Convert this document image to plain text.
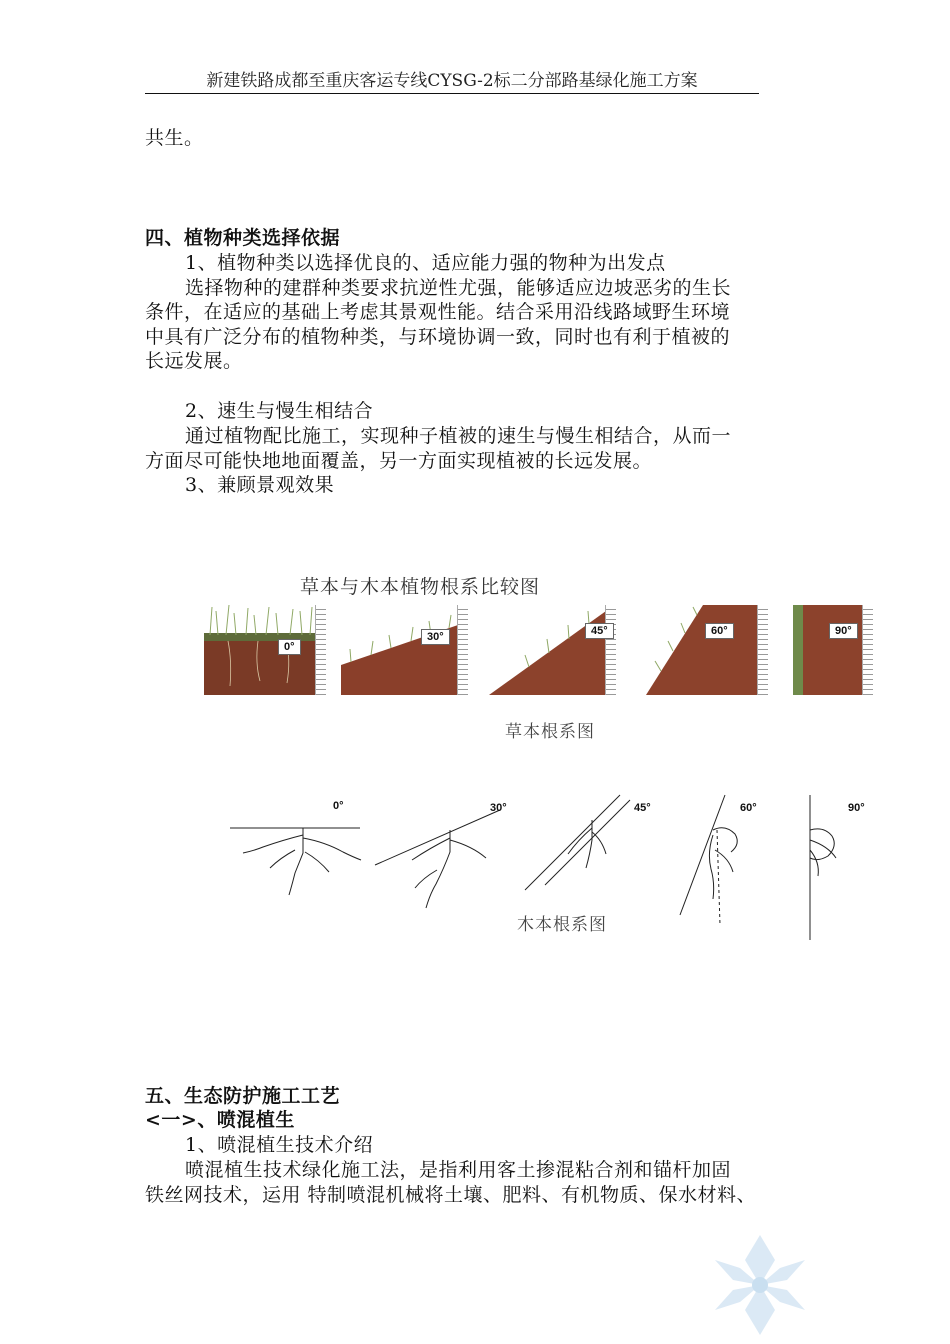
新建铁路成都至重庆客运专线CYSG-2标二分部路基绿化施工方案
共生。
四、植物种类选择依据
1、植物种类以选择优良的、适应能力强的物种为出发点
选择物种的建群种类要求抗逆性尤强，能够适应边坡恶劣的生长
条件，在适应的基础上考虑其景观性能。结合采用沿线路域野生环境
中具有广泛分布的植物种类，与环境协调一致，同时也有利于植被的
长远发展。
2、速生与慢生相结合
通过植物配比施工，实现种子植被的速生与慢生相结合，从而一
方面尽可能快地地面覆盖，另一方面实现植被的长远发展。
3、兼顾景观效果
草本与木本植物根系比较图
0°
30°	45°	60°	90°
草本根系图
0°	30°	45°	60°	90°
木本根系图
五、生态防护施工工艺
<一>、喷混植生
1、喷混植生技术介绍
喷混植生技术绿化施工法，是指利用客土掺混粘合剂和锚杆加固
铁丝网技术，运用 特制喷混机械将土壤、肥料、有机物质、保水材料、
